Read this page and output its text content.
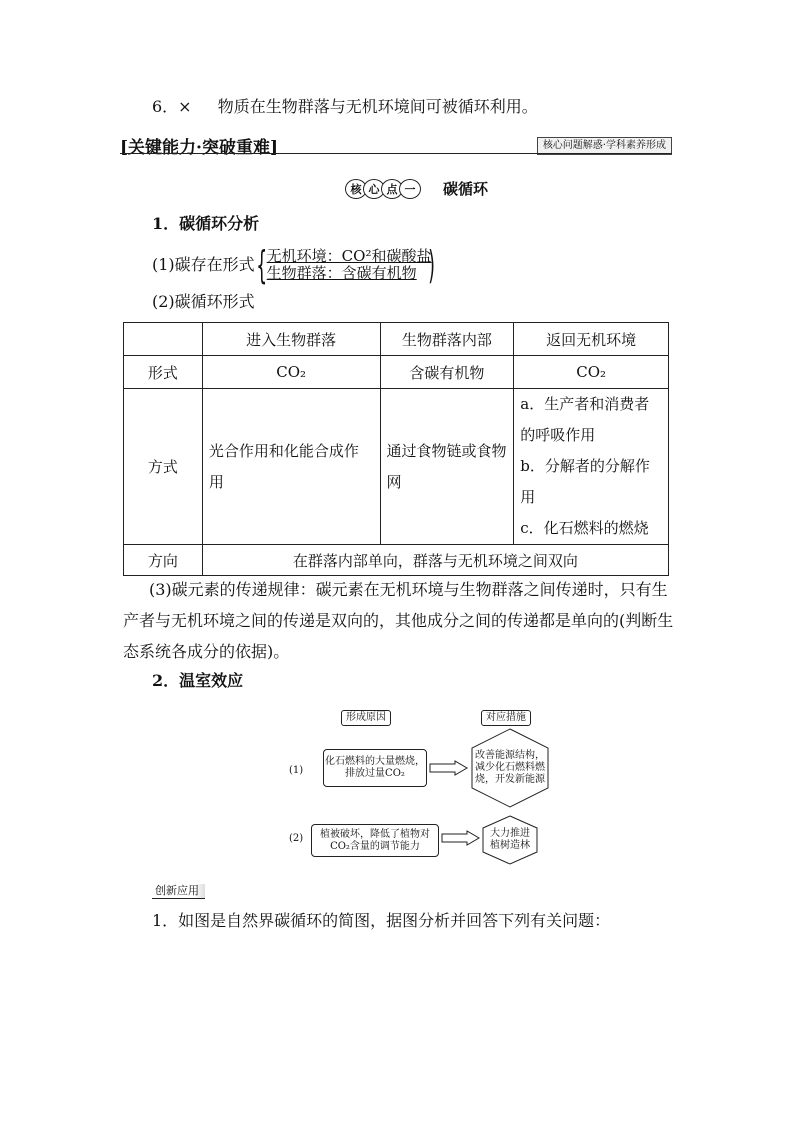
6．× 物质在生物群落与无机环境间可被循环利用。
[关键能力·突破重难]	核心问题解惑·学科素养形成
核 心 点 一	碳循环
1．碳循环分析
(1)碳存在形式 { 无机环境：CO²和碳酸盐
生物群落：含碳有机物 )
(2)碳循环形式
	进入生物群落	生物群落内部	返回无机环境
形式	CO₂	含碳有机物	CO₂
方式	光合作用和化能合成作用	通过食物链或食物网	a．生产者和消费者的呼吸作用
b．分解者的分解作用
c．化石燃料的燃烧

方向	在群落内部单向，群落与无机环境之间双向		
(3)碳元素的传递规律：碳元素在无机环境与生物群落之间传递时，只有生产者与无机环境之间的传递是双向的，其他成分之间的传递都是单向的(判断生态系统各成分的依据)。
2．温室效应
形成原因	对应措施
(1)
化石燃料的大量燃烧，排放过量CO₂
改善能源结构，减少化石燃料燃烧，开发新能源
(2)	植被破坏，降低了植物对CO₂含量的调节能力
大力推进植树造林
创新应用
1．如图是自然界碳循环的简图，据图分析并回答下列有关问题：
